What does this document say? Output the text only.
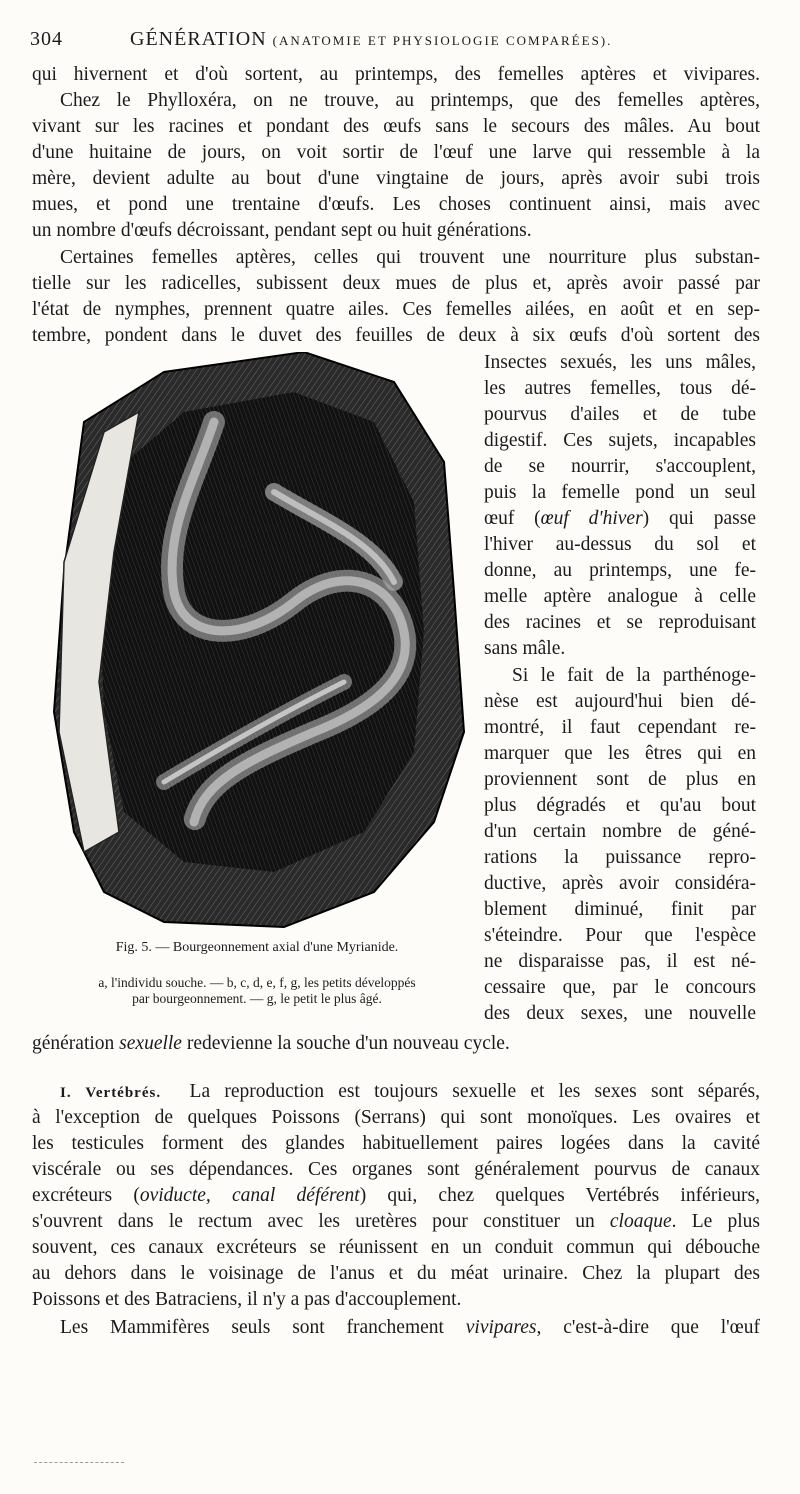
304	GÉNÉRATION (ANATOMIE ET PHYSIOLOGIE COMPARÉES).
qui hivernent et d'où sortent, au printemps, des femelles aptères et vivipares.
Chez le Phylloxéra, on ne trouve, au printemps, que des femelles aptères,
vivant sur les racines et pondant des œufs sans le secours des mâles. Au bout
d'une huitaine de jours, on voit sortir de l'œuf une larve qui ressemble à la
mère, devient adulte au bout d'une vingtaine de jours, après avoir subi trois
mues, et pond une trentaine d'œufs. Les choses continuent ainsi, mais avec
un nombre d'œufs décroissant, pendant sept ou huit générations.
Certaines femelles aptères, celles qui trouvent une nourriture plus substan-
tielle sur les radicelles, subissent deux mues de plus et, après avoir passé par
l'état de nymphes, prennent quatre ailes. Ces femelles ailées, en août et en sep-
tembre, pondent dans le duvet des feuilles de deux à six œufs d'où sortent des
Fig. 5. — Bourgeonnement axial d'une Myrianide.
a, l'individu souche. — b, c, d, e, f, g, les petits développés
par bourgeonnement. — g, le petit le plus âgé.
Insectes sexués, les uns mâles,
les autres femelles, tous dé-
pourvus d'ailes et de tube
digestif. Ces sujets, incapables
de se nourrir, s'accouplent,
puis la femelle pond un seul
œuf (œuf d'hiver) qui passe
l'hiver au-dessus du sol et
donne, au printemps, une fe-
melle aptère analogue à celle
des racines et se reproduisant
sans mâle.
Si le fait de la parthénoge-
nèse est aujourd'hui bien dé-
montré, il faut cependant re-
marquer que les êtres qui en
proviennent sont de plus en
plus dégradés et qu'au bout
d'un certain nombre de géné-
rations la puissance repro-
ductive, après avoir considéra-
blement diminué, finit par
s'éteindre. Pour que l'espèce
ne disparaisse pas, il est né-
cessaire que, par le concours
des deux sexes, une nouvelle
génération sexuelle redevienne la souche d'un nouveau cycle.
I. Vertébrés. La reproduction est toujours sexuelle et les sexes sont séparés,
à l'exception de quelques Poissons (Serrans) qui sont monoïques. Les ovaires et
les testicules forment des glandes habituellement paires logées dans la cavité
viscérale ou ses dépendances. Ces organes sont généralement pourvus de canaux
excréteurs (oviducte, canal déférent) qui, chez quelques Vertébrés inférieurs,
s'ouvrent dans le rectum avec les uretères pour constituer un cloaque. Le plus
souvent, ces canaux excréteurs se réunissent en un conduit commun qui débouche
au dehors dans le voisinage de l'anus et du méat urinaire. Chez la plupart des
Poissons et des Batraciens, il n'y a pas d'accouplement.
Les Mammifères seuls sont franchement vivipares, c'est-à-dire que l'œuf
